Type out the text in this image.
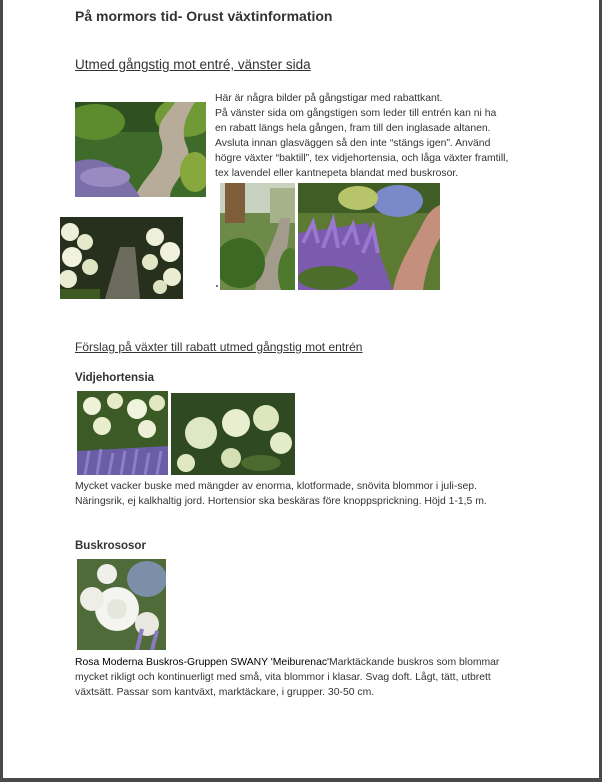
På mormors tid- Orust växtinformation
Utmed gångstig mot entré, vänster sida
Här är några bilder på gångstigar med rabattkant.
På vänster sida om gångstigen som leder till entrén kan ni ha
en rabatt längs hela gången, fram till den inglasade altanen.
Avsluta innan glasväggen så den inte “stängs igen”. Använd
högre växter “baktill”, tex vidjehortensia, och låga växter framtill,
tex lavendel eller kantnepeta blandat med buskrosor.
Förslag på växter till rabatt utmed gångstig mot entrén
Vidjehortensia
Mycket vacker buske med mängder av enorma, klotformade, snövita blommor i juli-sep.
Näringsrik, ej kalkhaltig jord. Hortensior ska beskäras före knoppsprickning. Höjd 1-1,5 m.
Buskrososor
Rosa Moderna Buskros-Gruppen SWANY 'Meiburenac'Marktäckande buskros som blommar
mycket rikligt och kontinuerligt med små, vita blommor i klasar. Svag doft. Lågt, tätt, utbrett
växtsätt. Passar som kantväxt, marktäckare, i grupper. 30-50 cm.
